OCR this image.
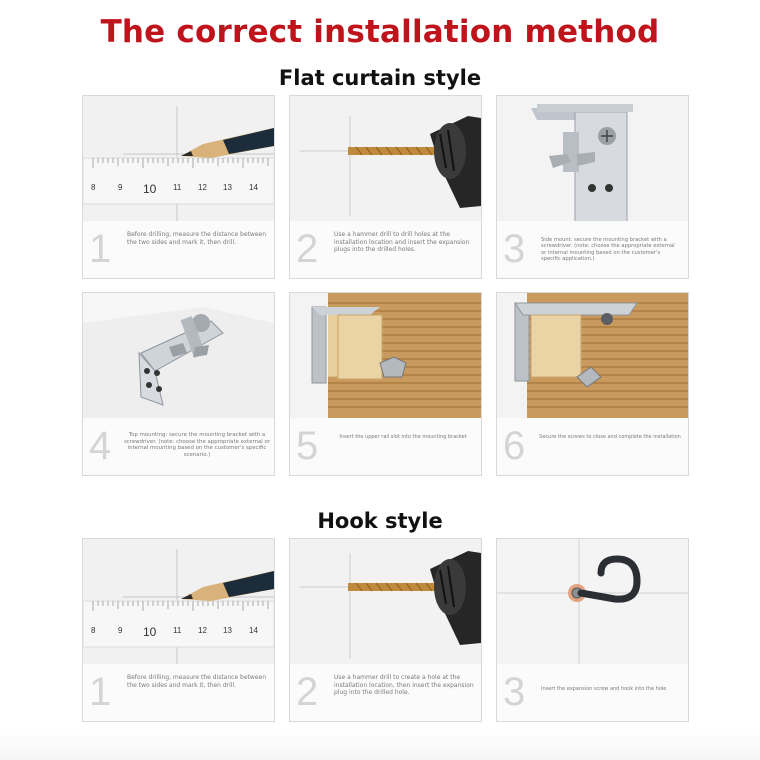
The correct installation method
Flat curtain style
8	9 10 11 12 13 14
1	Before drilling, measure the distance between the two sides and mark it, then drill.	2	Use a hammer drill to drill holes at the installation location and insert the expansion plugs into the drilled holes.	3	Side mount: secure the mounting bracket with a screwdriver. (note: choose the appropriate external or internal mounting based on the customer's specific application.)
4	Top mounting: secure the mounting bracket with a screwdriver. (note: choose the appropriate external or internal mounting based on the customer's specific scenario.)	5	Insert the upper rail slot into the mounting bracket 6	Secure the screws to close and complete the installation
Hook style
8	9 10 11 12 13 14
1	Before drilling, measure the distance between the two sides and mark it, then drill.	2	Use a hammer drill to create a hole at the installation location, then insert the expansion plug into the drilled hole.	3	Insert the expansion screw and hook into the hole
